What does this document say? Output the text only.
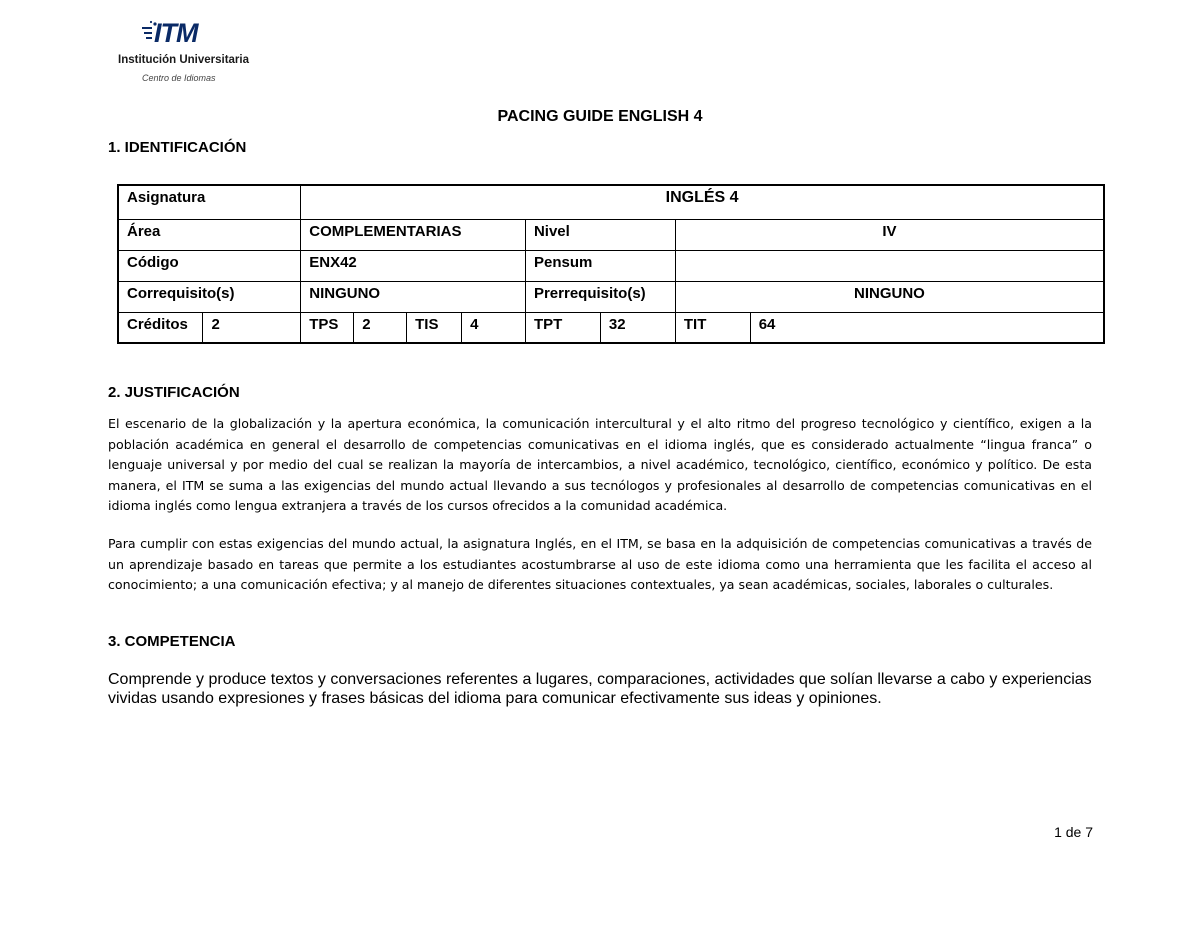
ITM
Institución Universitaria
Centro de Idiomas
PACING GUIDE ENGLISH 4
1. IDENTIFICACIÓN
Asignatura		INGLÉS 4							
Área		COMPLEMENTARIAS				Nivel		IV	
Código		ENX42				Pensum			
Correquisito(s)		NINGUNO				Prerrequisito(s)		NINGUNO	
Créditos	2	TPS	2	TIS	4	TPT	32	TIT	64
2. JUSTIFICACIÓN
El escenario de la globalización y la apertura económica, la comunicación intercultural y el alto ritmo del progreso tecnológico y científico, exigen a la población académica en general el desarrollo de competencias comunicativas en el idioma inglés, que es considerado actualmente “lingua franca” o lenguaje universal y por medio del cual se realizan la mayoría de intercambios, a nivel académico, tecnológico, científico, económico y político. De esta manera, el ITM se suma a las exigencias del mundo actual llevando a sus tecnólogos y profesionales al desarrollo de competencias comunicativas en el idioma inglés como lengua extranjera a través de los cursos ofrecidos a la comunidad académica.
Para cumplir con estas exigencias del mundo actual, la asignatura Inglés, en el ITM, se basa en la adquisición de competencias comunicativas a través de un aprendizaje basado en tareas que permite a los estudiantes acostumbrarse al uso de este idioma como una herramienta que les facilita el acceso al conocimiento; a una comunicación efectiva; y al manejo de diferentes situaciones contextuales, ya sean académicas, sociales, laborales o culturales.
3. COMPETENCIA
Comprende y produce textos y conversaciones referentes a lugares, comparaciones, actividades que solían llevarse a cabo y experiencias vividas usando expresiones y frases básicas del idioma para comunicar efectivamente sus ideas y opiniones.
1 de 7
